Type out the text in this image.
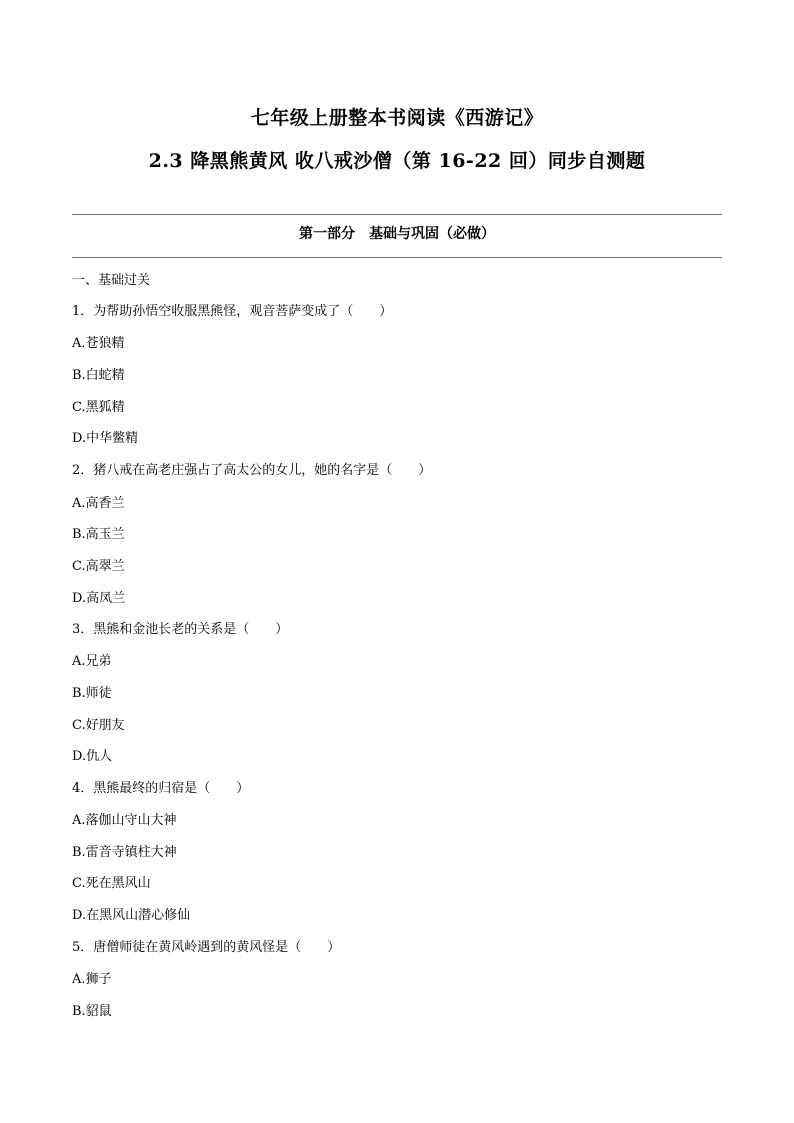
七年级上册整本书阅读《西游记》
2.3 降黑熊黄风 收八戒沙僧（第 16-22 回）同步自测题
第一部分 基础与巩固（必做）
一、基础过关
1．为帮助孙悟空收服黑熊怪，观音菩萨变成了（　　）
A.苍狼精
B.白蛇精
C.黑狐精
D.中华鳖精
2．猪八戒在高老庄强占了高太公的女儿，她的名字是（　　）
A.高香兰
B.高玉兰
C.高翠兰
D.高凤兰
3．黑熊和金池长老的关系是（　　）
A.兄弟
B.师徒
C.好朋友
D.仇人
4．黑熊最终的归宿是（　　）
A.落伽山守山大神
B.雷音寺镇柱大神
C.死在黑风山
D.在黑风山潜心修仙
5．唐僧师徒在黄风岭遇到的黄风怪是（　　）
A.狮子
B.貂鼠
